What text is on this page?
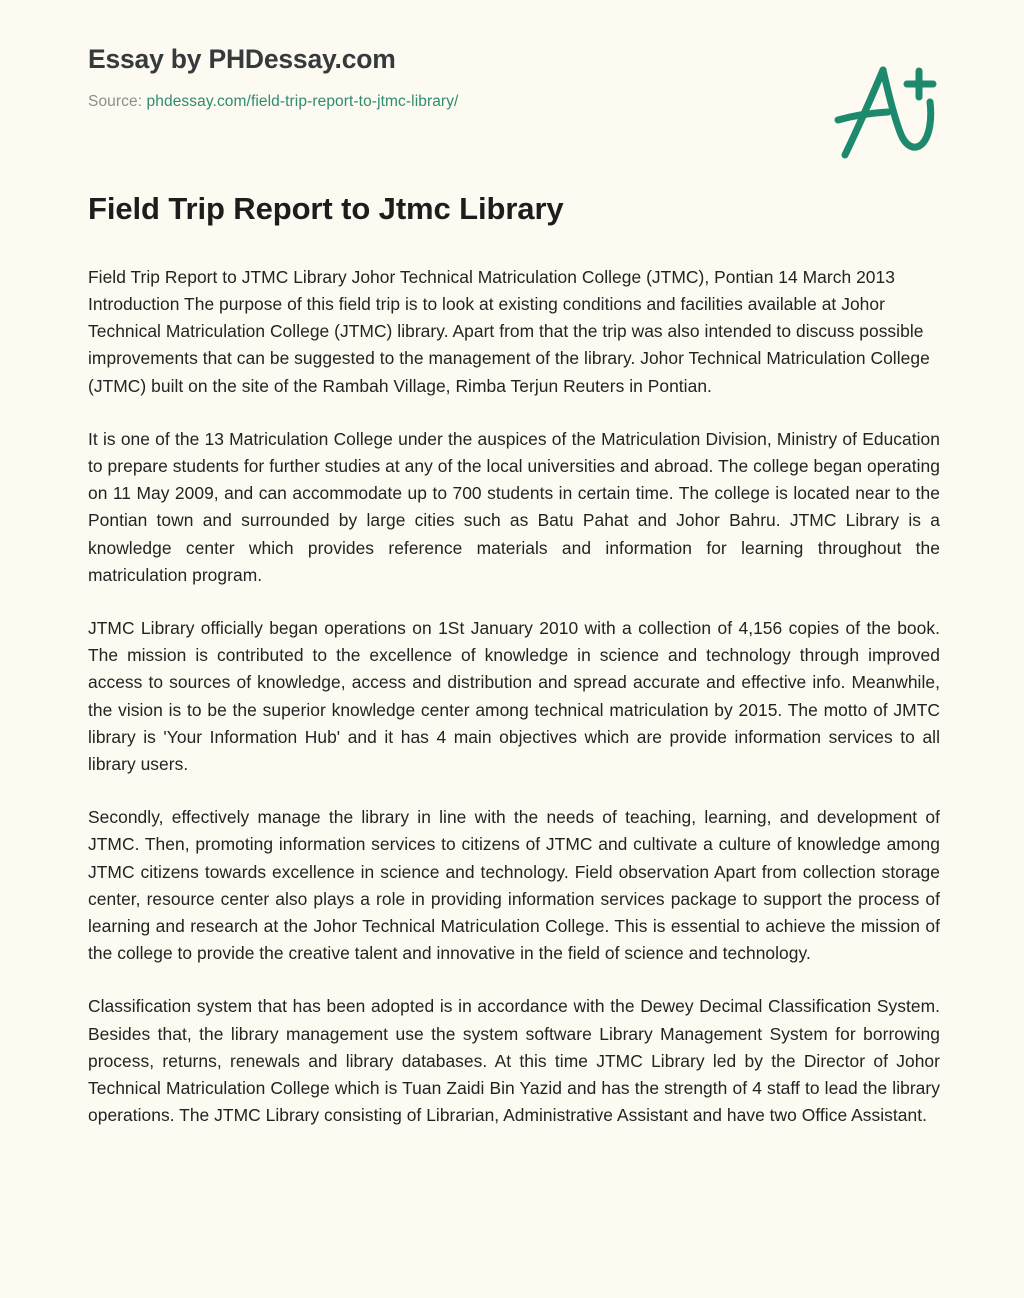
Essay by PHDessay.com
Source: phdessay.com/field-trip-report-to-jtmc-library/
Field Trip Report to Jtmc Library

Field Trip Report to JTMC Library Johor Technical Matriculation College (JTMC), Pontian 14 March 2013 Introduction The purpose of this field trip is to look at existing conditions and facilities available at Johor Technical Matriculation College (JTMC) library. Apart from that the trip was also intended to discuss possible improvements that can be suggested to the management of the library. Johor Technical Matriculation College (JTMC) built on the site of the Rambah Village, Rimba Terjun Reuters in Pontian.

It is one of the 13 Matriculation College under the auspices of the Matriculation Division, Ministry of Education to prepare students for further studies at any of the local universities and abroad. The college began operating on 11 May 2009, and can accommodate up to 700 students in certain time. The college is located near to the Pontian town and surrounded by large cities such as Batu Pahat and Johor Bahru. JTMC Library is a knowledge center which provides reference materials and information for learning throughout the matriculation program.

JTMC Library officially began operations on 1St January 2010 with a collection of 4,156 copies of the book. The mission is contributed to the excellence of knowledge in science and technology through improved access to sources of knowledge, access and distribution and spread accurate and effective info. Meanwhile, the vision is to be the superior knowledge center among technical matriculation by 2015. The motto of JMTC library is 'Your Information Hub' and it has 4 main objectives which are provide information services to all library users.

Secondly, effectively manage the library in line with the needs of teaching, learning, and development of JTMC. Then, promoting information services to citizens of JTMC and cultivate a culture of knowledge among JTMC citizens towards excellence in science and technology. Field observation Apart from collection storage center, resource center also plays a role in providing information services package to support the process of learning and research at the Johor Technical Matriculation College. This is essential to achieve the mission of the college to provide the creative talent and innovative in the field of science and technology.

Classification system that has been adopted is in accordance with the Dewey Decimal Classification System. Besides that, the library management use the system software Library Management System for borrowing process, returns, renewals and library databases. At this time JTMC Library led by the Director of Johor Technical Matriculation College which is Tuan Zaidi Bin Yazid and has the strength of 4 staff to lead the library operations. The JTMC Library consisting of Librarian, Administrative Assistant and have two Office Assistant.
